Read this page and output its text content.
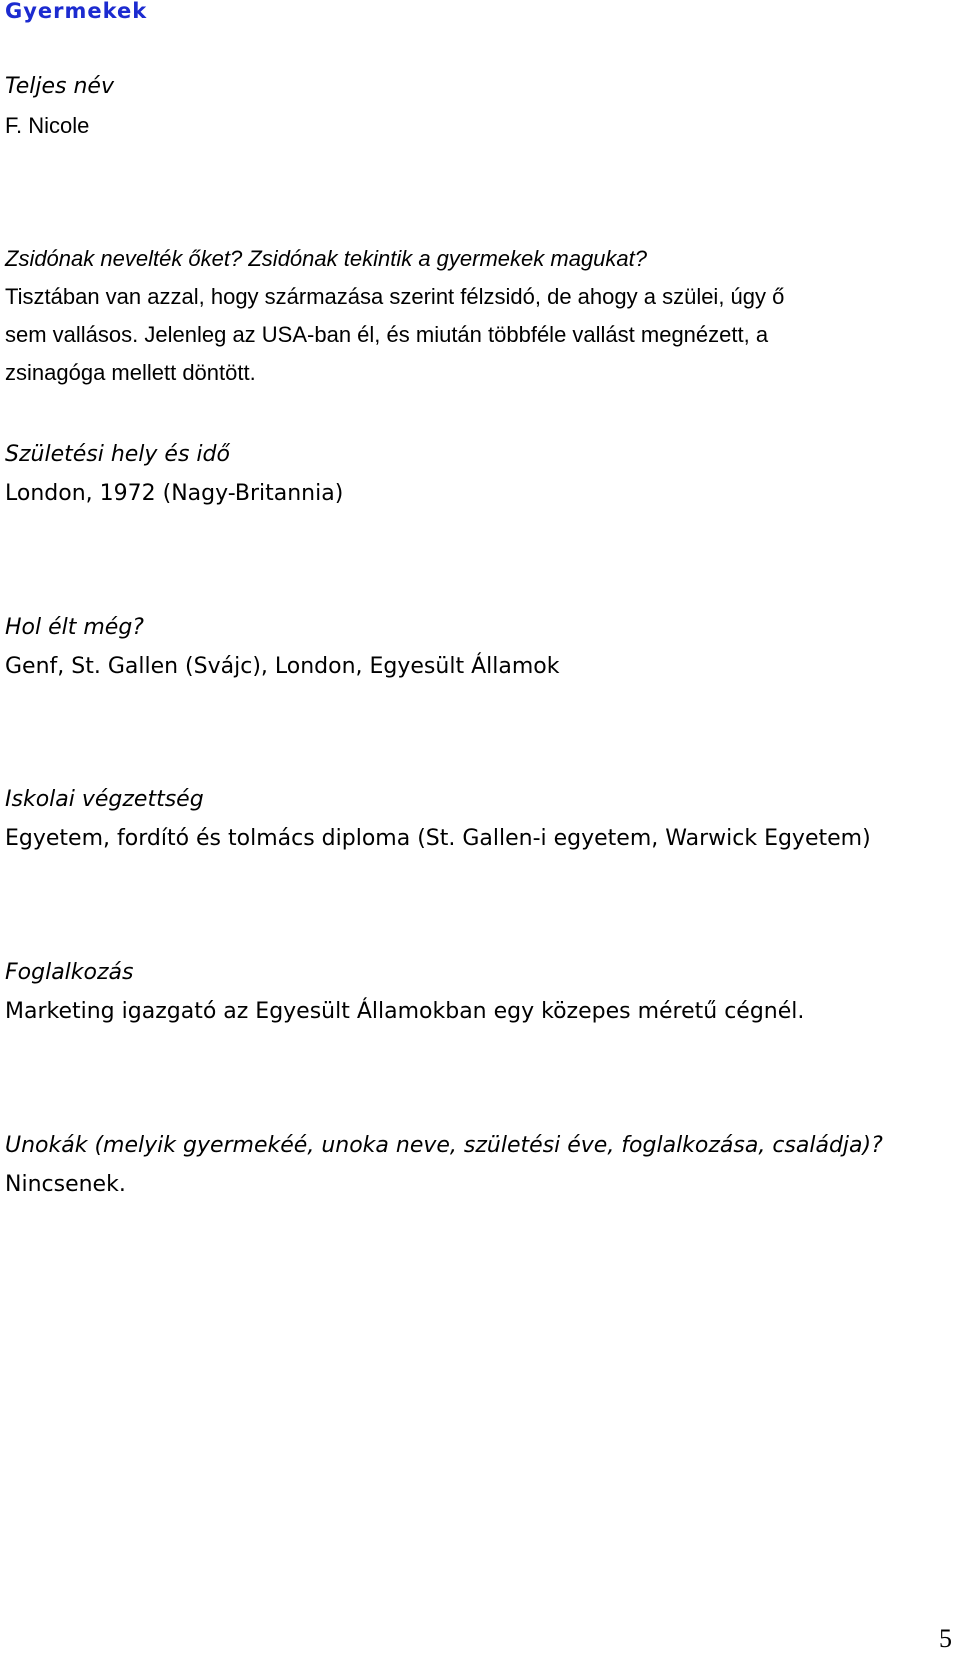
Gyermekek

Teljes név

F. Nicole

Zsidónak nevelték őket? Zsidónak tekintik a gyermekek magukat?
Tisztában van azzal, hogy származása szerint félzsidó, de ahogy a szülei, úgy ő
sem vallásos. Jelenleg az USA-ban él, és miután többféle vallást megnézett, a
zsinagóga mellett döntött.

Születési hely és idő

London, 1972 (Nagy-Britannia)

Hol élt még?

Genf, St. Gallen (Svájc), London, Egyesült Államok

Iskolai végzettség

Egyetem, fordító és tolmács diploma (St. Gallen-i egyetem, Warwick Egyetem)

Foglalkozás

Marketing igazgató az Egyesült Államokban egy közepes méretű cégnél.

Unokák (melyik gyermekéé, unoka neve, születési éve, foglalkozása, családja)?

Nincsenek.

5
